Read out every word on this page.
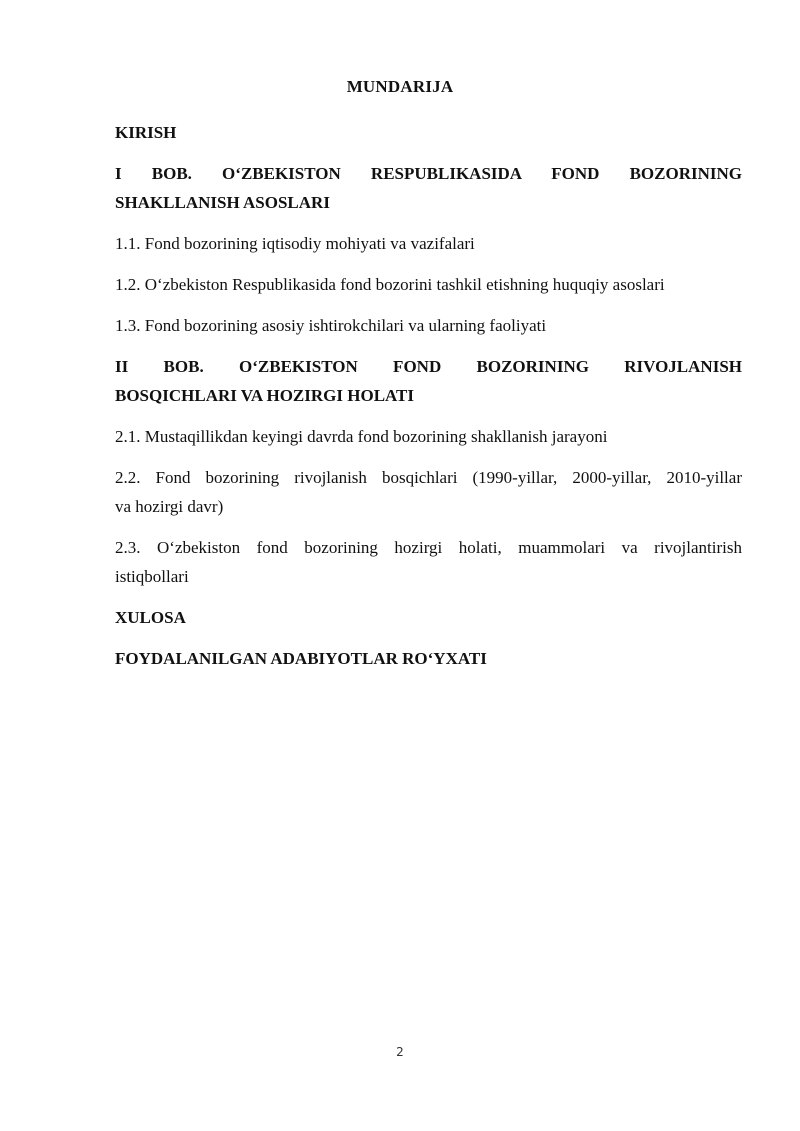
MUNDARIJA
KIRISH
I BOB. O‘ZBEKISTON RESPUBLIKASIDA FOND BOZORINING
SHAKLLANISH ASOSLARI
1.1. Fond bozorining iqtisodiy mohiyati va vazifalari
1.2. O‘zbekiston Respublikasida fond bozorini tashkil etishning huquqiy asoslari
1.3. Fond bozorining asosiy ishtirokchilari va ularning faoliyati
II BOB. O‘ZBEKISTON FOND BOZORINING RIVOJLANISH
BOSQICHLARI VA HOZIRGI HOLATI
2.1. Mustaqillikdan keyingi davrda fond bozorining shakllanish jarayoni
2.2. Fond bozorining rivojlanish bosqichlari (1990-yillar, 2000-yillar, 2010-yillar
va hozirgi davr)
2.3. O‘zbekiston fond bozorining hozirgi holati, muammolari va rivojlantirish
istiqbollari
XULOSA
FOYDALANILGAN ADABIYOTLAR RO‘YXATI
2
